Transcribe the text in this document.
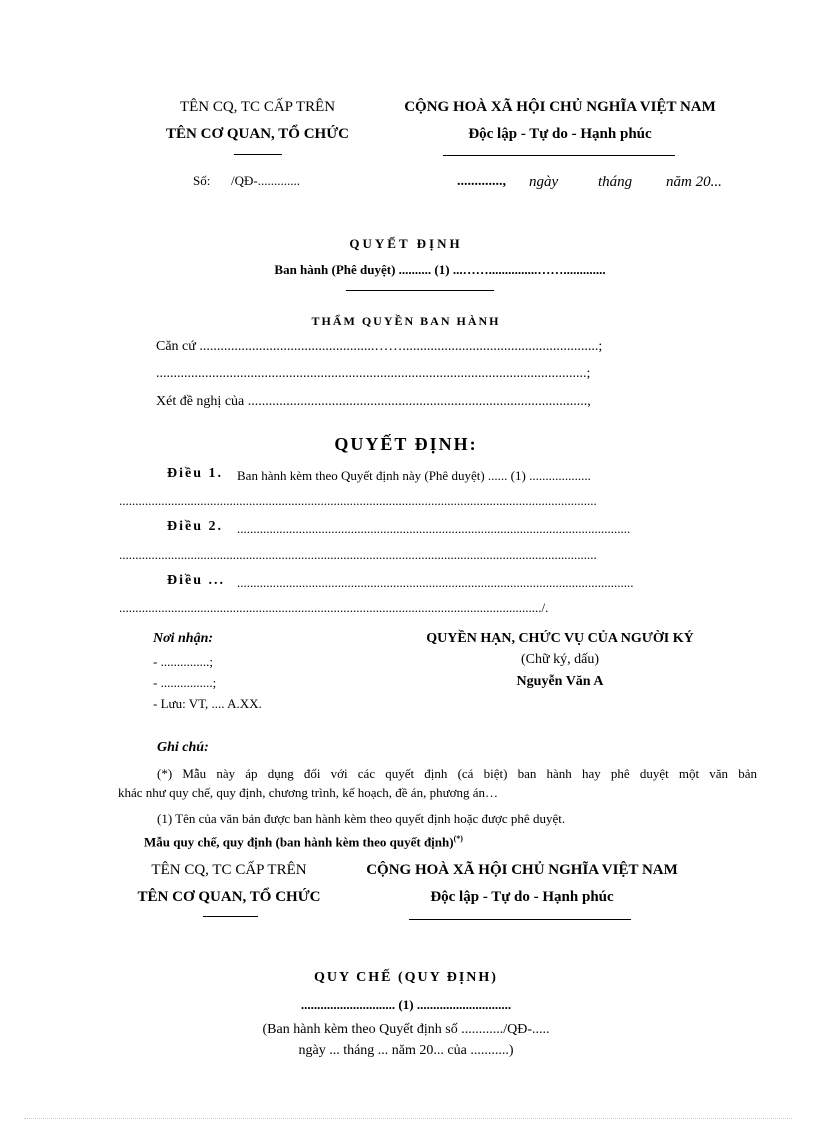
TÊN CQ, TC CẤP TRÊN
TÊN CƠ QUAN, TỔ CHỨC
CỘNG HOÀ XÃ HỘI CHỦ NGHĨA VIỆT NAM
Độc lập - Tự do - Hạnh phúc
Số: /QĐ-.............	............., ngày	tháng năm 20...
QUYẾT ĐỊNH
Ban hành (Phê duyệt) .......... (1) ...……...............…….............
THẨM QUYỀN BAN HÀNH
Căn cứ ..................................................……........................................................;
...........................................................................................................................;
Xét đề nghị của .................................................................................................,
QUYẾT ĐỊNH:
Điều 1. Ban hành kèm theo Quyết định này (Phê duyệt) ...... (1) ...................
...................................................................................................................................................
Điều 2. .........................................................................................................................
...................................................................................................................................................
Điều ... ..........................................................................................................................
................................................................................................................................../.
Nơi nhận:
- ...............;
- ................;
- Lưu: VT, .... A.XX.
QUYỀN HẠN, CHỨC VỤ CỦA NGƯỜI KÝ
(Chữ ký, dấu)
Nguyễn Văn A
Ghi chú:
(*) Mẫu này áp dụng đối với các quyết định (cá biệt) ban hành hay phê duyệt một văn bản
khác như quy chế, quy định, chương trình, kế hoạch, đề án, phương án…
(1) Tên của văn bản được ban hành kèm theo quyết định hoặc được phê duyệt.
Mẫu quy chế, quy định (ban hành kèm theo quyết định)(*)
TÊN CQ, TC CẤP TRÊN
TÊN CƠ QUAN, TỔ CHỨC
CỘNG HOÀ XÃ HỘI CHỦ NGHĨA VIỆT NAM
Độc lập - Tự do - Hạnh phúc
QUY CHẾ (QUY ĐỊNH)
............................. (1) .............................
(Ban hành kèm theo Quyết định số ............/QĐ-.....
ngày ... tháng ... năm 20... của ...........)
